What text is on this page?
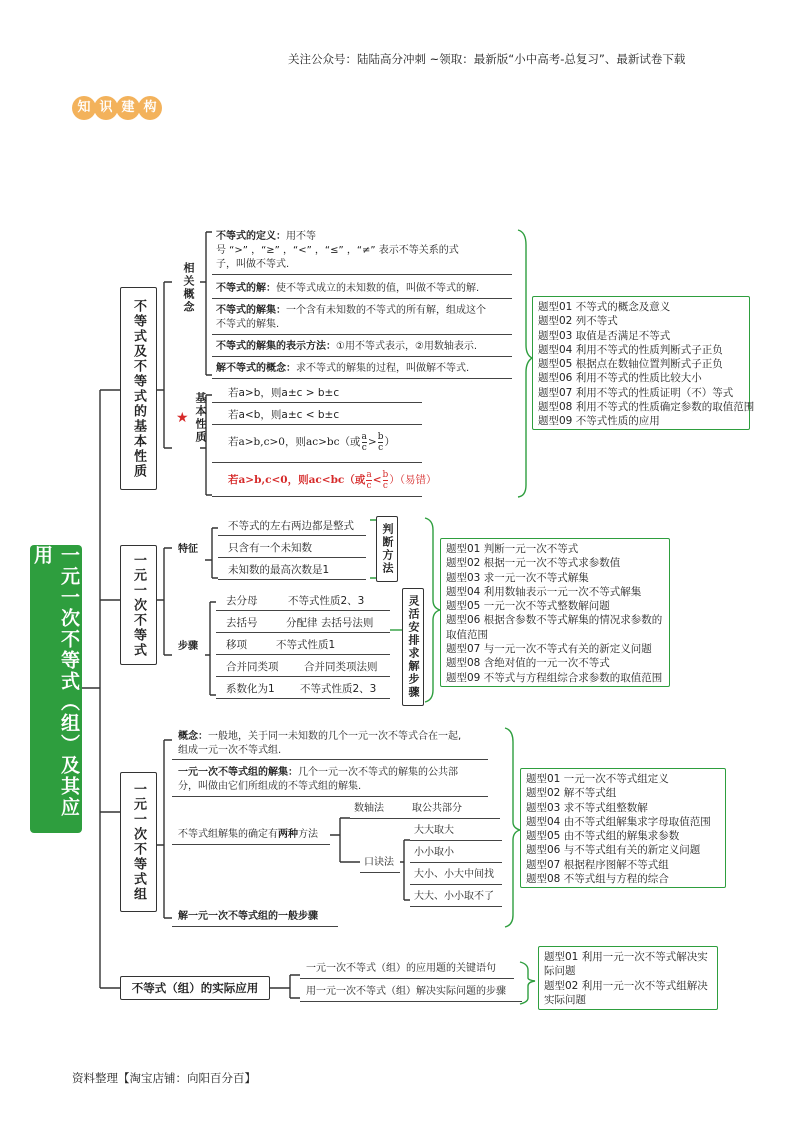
关注公众号：陆陆高分冲刺 ~领取：最新版“小中高考-总复习”、最新试卷下载
资料整理【淘宝店铺：向阳百分百】
知 识 建 构
一元一次不等式（组）及其应用
不等式及不等式的基本性质
相关概念
不等式的定义：用不等
号 “>” ，“≥” ，“<” ，“≤” ，“≠” 表示不等关系的式
子，叫做不等式.
不等式的解：使不等式成立的未知数的值，叫做不等式的解.
不等式的解集：一个含有未知数的不等式的所有解，组成这个
不等式的解集.
不等式的解集的表示方法：①用不等式表示，②用数轴表示.
解不等式的概念：求不等式的解集的过程，叫做解不等式.
★ 基本性质 若a>b，则a±c > b±c
若a<b，则a±c < b±c
若a>b,c>0，则ac>bc（或 a
c > b
c ）
若a>b,c<0，则ac<bc（或 a
c < b
c ）（易错）
题型01 不等式的概念及意义
题型02 列不等式
题型03 取值是否满足不等式
题型04 利用不等式的性质判断式子正负
题型05 根据点在数轴位置判断式子正负
题型06 利用不等式的性质比较大小
题型07 利用不等式的性质证明（不）等式
题型08 利用不等式的性质确定参数的取值范围
题型09 不等式性质的应用
一元一次不等式
特征
不等式的左右两边都是整式
只含有一个未知数
未知数的最高次数是1	判断方法
步骤
去分母	不等式性质2、3
去括号	分配律 去括号法则
移项	不等式性质1
合并同类项 合并同类项法则
系数化为1 不等式性质2、3	灵活安排求解步骤
题型01 判断一元一次不等式
题型02 根据一元一次不等式求参数值
题型03 求一元一次不等式解集
题型04 利用数轴表示一元一次不等式解集
题型05 一元一次不等式整数解问题
题型06 根据含参数不等式解集的情况求参数的
取值范围
题型07 与一元一次不等式有关的新定义问题
题型08 含绝对值的一元一次不等式
题型09 不等式与方程组综合求参数的取值范围
一元一次不等式组
概念：一般地，关于同一未知数的几个一元一次不等式合在一起,
组成一元一次不等式组.
一元一次不等式组的解集：几个一元一次不等式的解集的公共部
分，叫做由它们所组成的不等式组的解集.
不等式组解集的确定有两种方法
数轴法	取公共部分
口诀法
大大取大
小小取小
大小、小大中间找
大大、小小取不了
解一元一次不等式组的一般步骤
题型01 一元一次不等式组定义
题型02 解不等式组
题型03 求不等式组整数解
题型04 由不等式组解集求字母取值范围
题型05 由不等式组的解集求参数
题型06 与不等式组有关的新定义问题
题型07 根据程序图解不等式组
题型08 不等式组与方程的综合
不等式（组）的实际应用
一元一次不等式（组）的应用题的关键语句
用一元一次不等式（组）解决实际问题的步骤
题型01 利用一元一次不等式解决实际问题
题型02 利用一元一次不等式组解决实际问题
